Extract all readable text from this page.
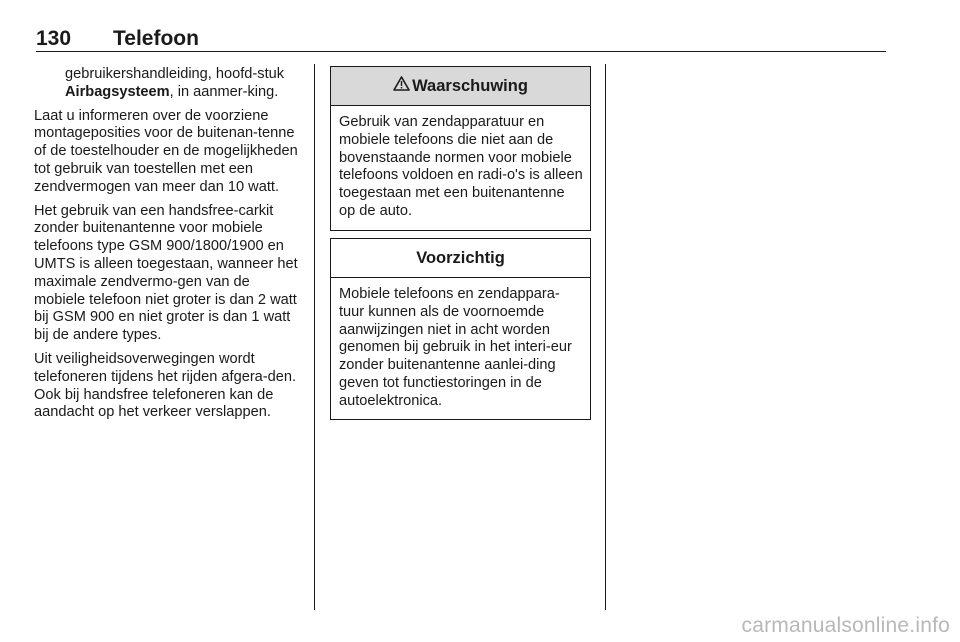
130 Telefoon

gebruikershandleiding, hoofd-stuk Airbagsysteem, in aanmer-king.

Laat u informeren over de voorziene montageposities voor de buitenan-tenne of de toestelhouder en de mogelijkheden tot gebruik van toestellen met een zendvermogen van meer dan 10 watt.

Het gebruik van een handsfree-carkit zonder buitenantenne voor mobiele telefoons type GSM 900/1800/1900 en UMTS is alleen toegestaan, wanneer het maximale zendvermo-gen van de mobiele telefoon niet groter is dan 2 watt bij GSM 900 en niet groter is dan 1 watt bij de andere types.

Uit veiligheidsoverwegingen wordt telefoneren tijdens het rijden afgera-den. Ook bij handsfree telefoneren kan de aandacht op het verkeer verslappen.

Waarschuwing
Gebruik van zendapparatuur en mobiele telefoons die niet aan de bovenstaande normen voor mobiele telefoons voldoen en radi-o's is alleen toegestaan met een buitenantenne op de auto.
Voorzichtig
Mobiele telefoons en zendappara-tuur kunnen als de voornoemde aanwijzingen niet in acht worden genomen bij gebruik in het interi-eur zonder buitenantenne aanlei-ding geven tot functiestoringen in de autoelektronica.
carmanualsonline.info
